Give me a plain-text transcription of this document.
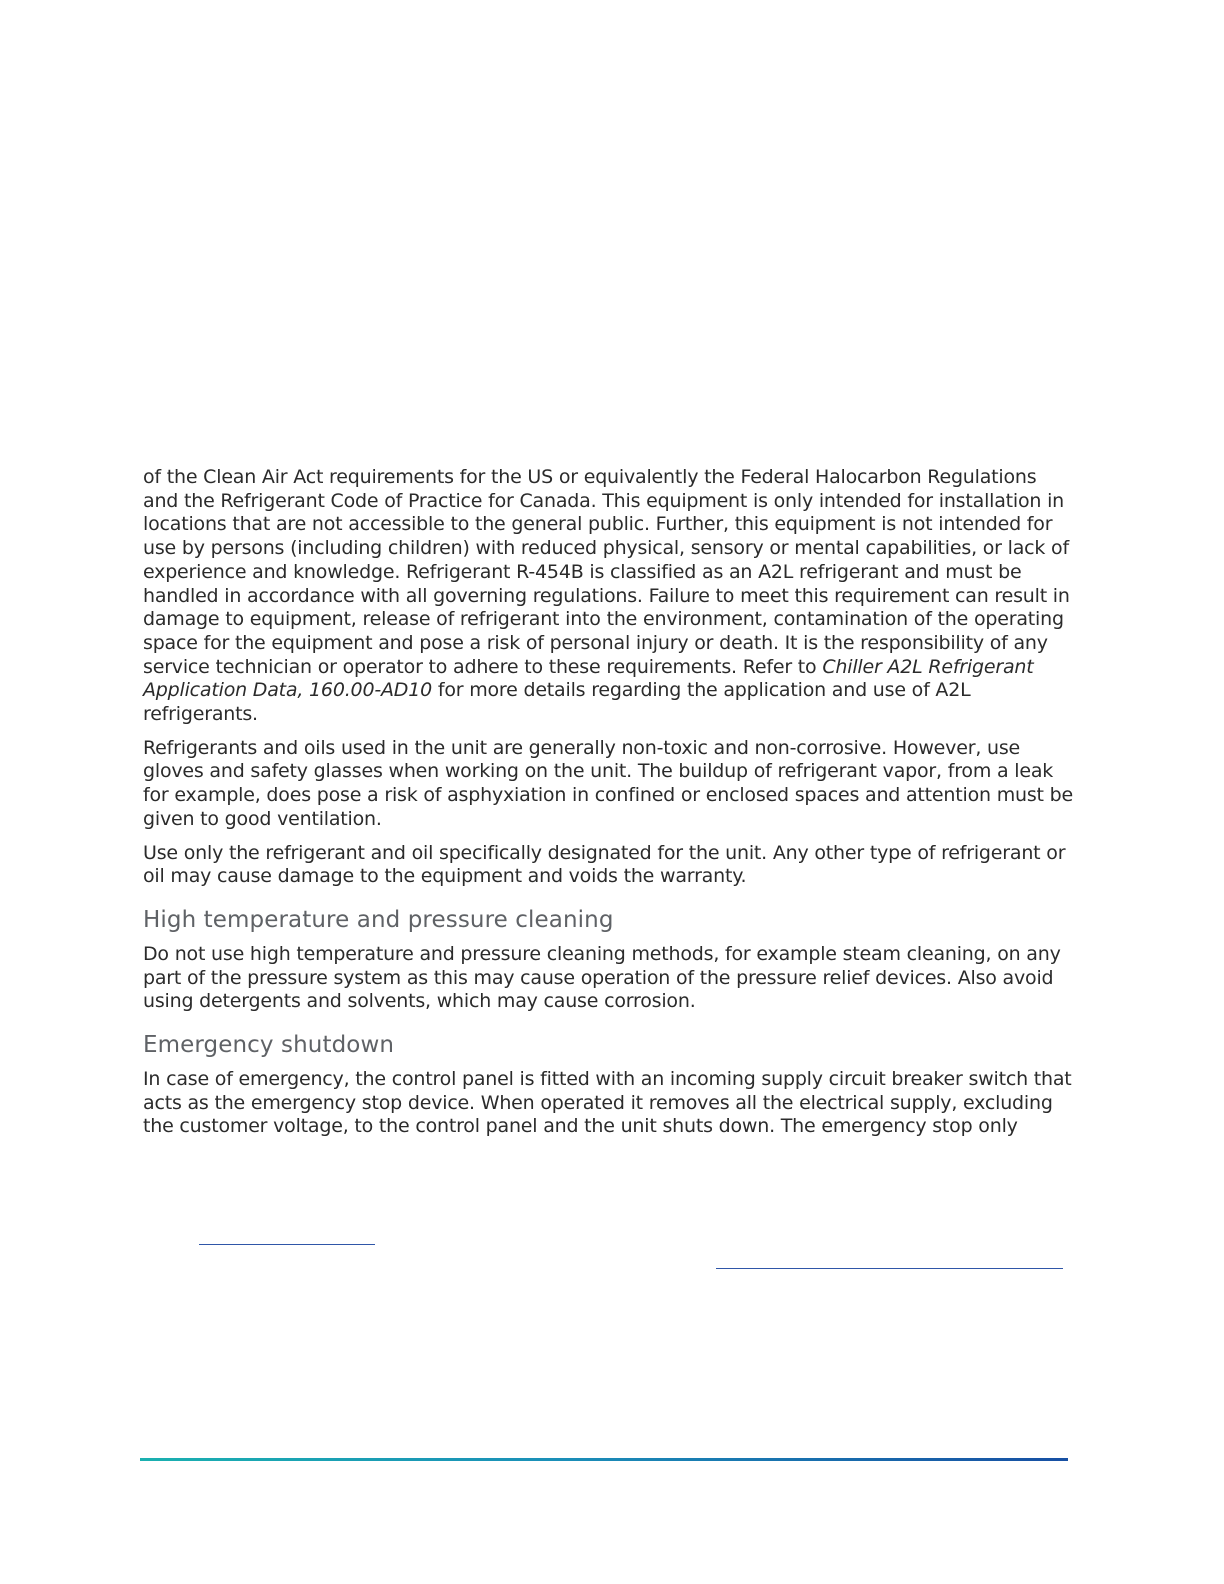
of the Clean Air Act requirements for the US or equivalently the Federal Halocarbon Regulations and the Refrigerant Code of Practice for Canada. This equipment is only intended for installation in locations that are not accessible to the general public. Further, this equipment is not intended for use by persons (including children) with reduced physical, sensory or mental capabilities, or lack of experience and knowledge. Refrigerant R-454B is classified as an A2L refrigerant and must be handled in accordance with all governing regulations. Failure to meet this requirement can result in damage to equipment, release of refrigerant into the environment, contamination of the operating space for the equipment and pose a risk of personal injury or death. It is the responsibility of any service technician or operator to adhere to these requirements. Refer to Chiller A2L Refrigerant Application Data, 160.00-AD10 for more details regarding the application and use of A2L refrigerants.

Refrigerants and oils used in the unit are generally non-toxic and non-corrosive. However, use gloves and safety glasses when working on the unit. The buildup of refrigerant vapor, from a leak for example, does pose a risk of asphyxiation in confined or enclosed spaces and attention must be given to good ventilation.

Use only the refrigerant and oil specifically designated for the unit. Any other type of refrigerant or oil may cause damage to the equipment and voids the warranty.

High temperature and pressure cleaning

Do not use high temperature and pressure cleaning methods, for example steam cleaning, on any part of the pressure system as this may cause operation of the pressure relief devices. Also avoid using detergents and solvents, which may cause corrosion.

Emergency shutdown

In case of emergency, the control panel is fitted with an incoming supply circuit breaker switch that acts as the emergency stop device. When operated it removes all the electrical supply, excluding the customer voltage, to the control panel and the unit shuts down. The emergency stop only
